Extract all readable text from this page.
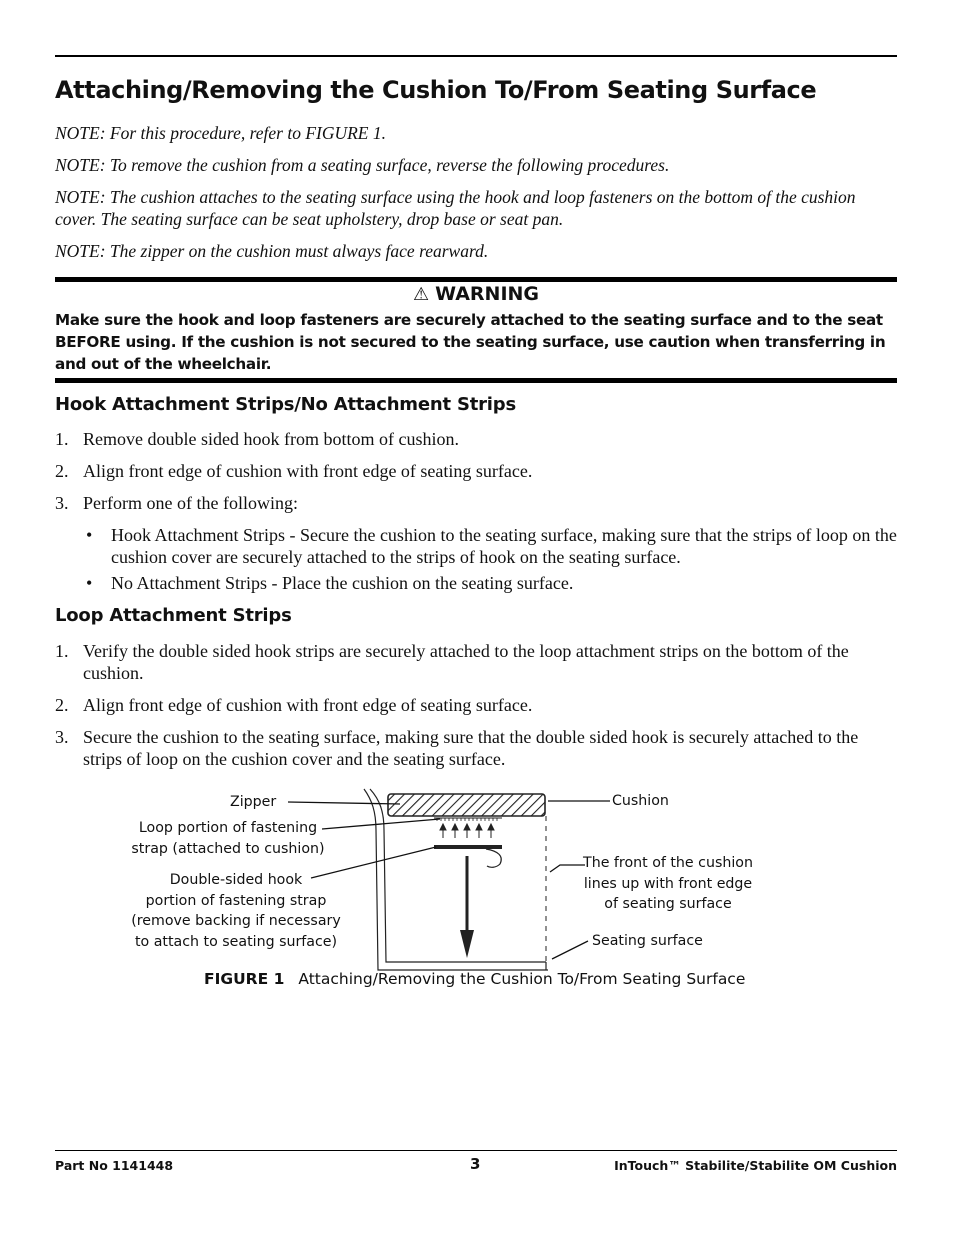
Attaching/Removing the Cushion To/From Seating Surface

NOTE: For this procedure, refer to FIGURE 1.

NOTE: To remove the cushion from a seating surface, reverse the following procedures.

NOTE: The cushion attaches to the seating surface using the hook and loop fasteners on the bottom of the cushion cover. The seating surface can be seat upholstery, drop base or seat pan.

NOTE: The zipper on the cushion must always face rearward.

⚠ WARNING

Make sure the hook and loop fasteners are securely attached to the seating surface and to the seat BEFORE using. If the cushion is not secured to the seating surface, use caution when transferring in and out of the wheelchair.

Hook Attachment Strips/No Attachment Strips
1. Remove double sided hook from bottom of cushion.
2. Align front edge of cushion with front edge of seating surface.
3. Perform one of the following:
• Hook Attachment Strips - Secure the cushion to the seating surface, making sure that the strips of loop on the cushion cover are securely attached to the strips of hook on the seating surface.
• No Attachment Strips - Place the cushion on the seating surface.
Loop Attachment Strips
1. Verify the double sided hook strips are securely attached to the loop attachment strips on the bottom of the cushion.
2. Align front edge of cushion with front edge of seating surface.
3. Secure the cushion to the seating surface, making sure that the double sided hook is securely attached to the strips of loop on the cushion cover and the seating surface.
Zipper
Loop portion of fastening
strap (attached to cushion)
Double-sided hook
portion of fastening strap
(remove backing if necessary
to attach to seating surface)
Cushion
The front of the cushion
lines up with front edge
of seating surface
Seating surface
FIGURE 1 Attaching/Removing the Cushion To/From Seating Surface
Part No 1141448	3	InTouch™ Stabilite/Stabilite OM Cushion
